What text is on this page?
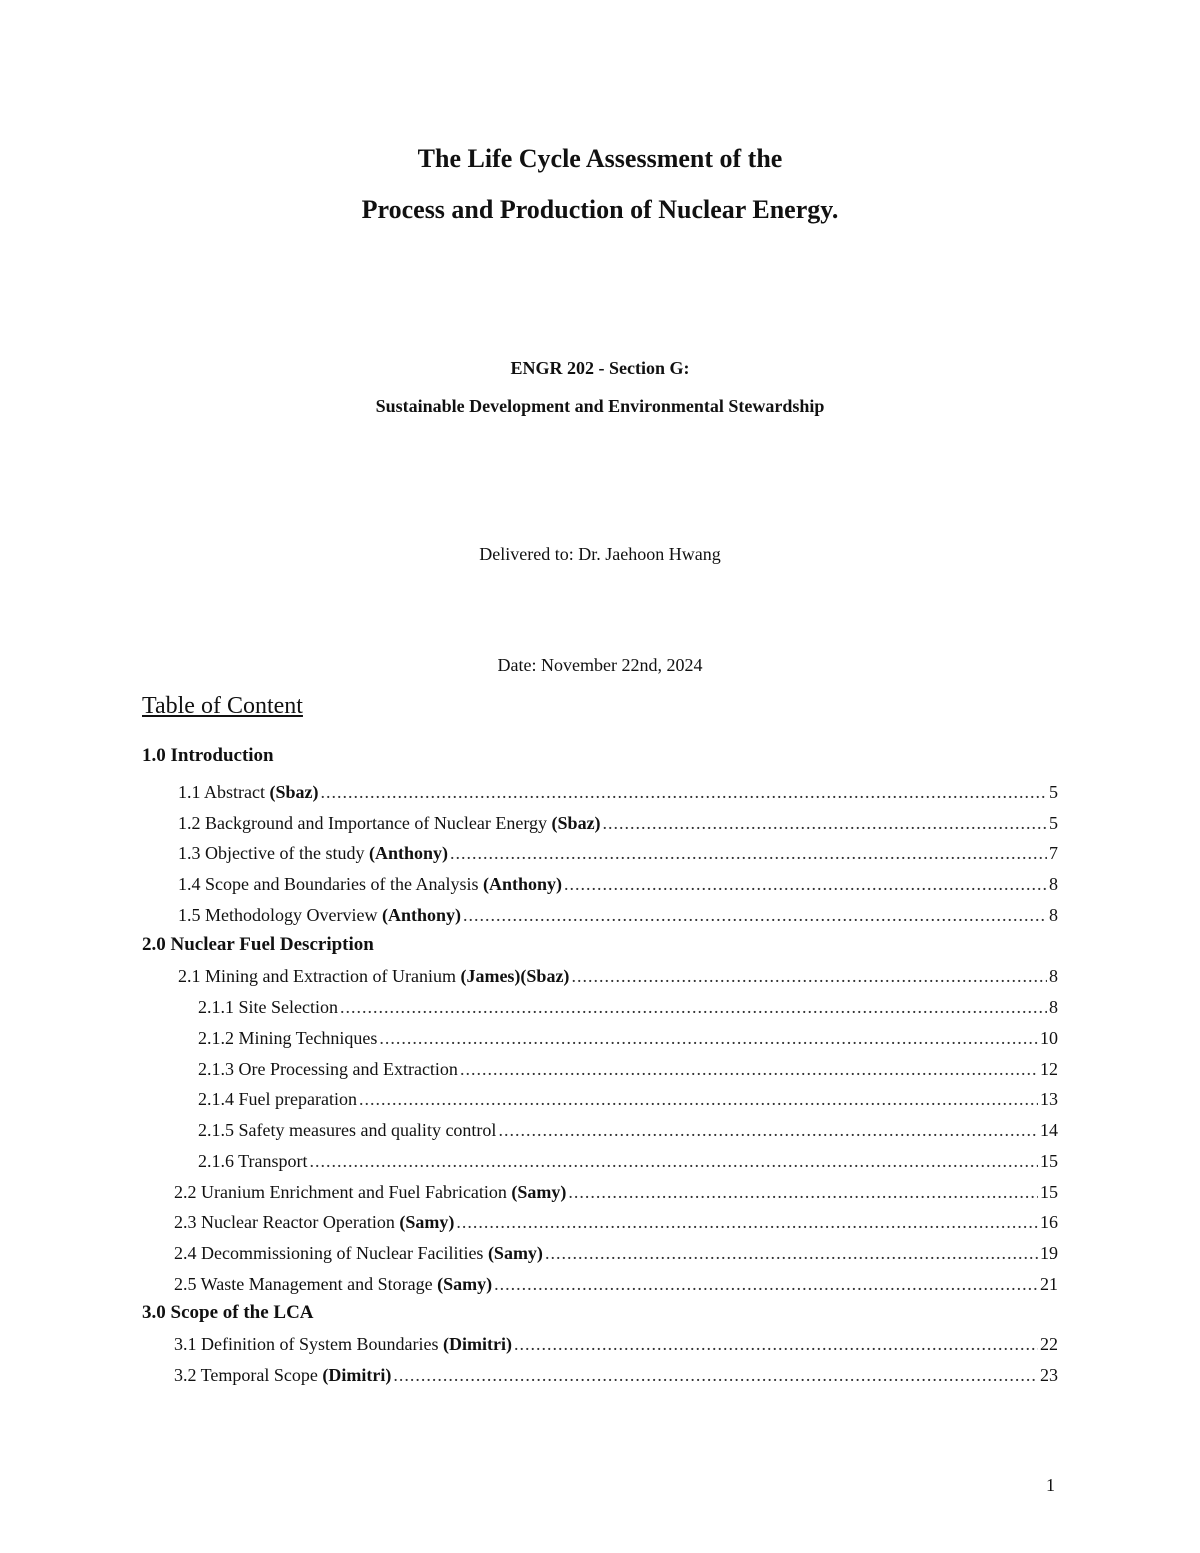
The Life Cycle Assessment of the
Process and Production of Nuclear Energy.
ENGR 202 - Section G:
Sustainable Development and Environmental Stewardship
Delivered to: Dr. Jaehoon Hwang
Date: November 22nd, 2024
Table of Content
1.0 Introduction
1.1 Abstract (Sbaz) .....	5
1.2 Background and Importance of Nuclear Energy (Sbaz) .....	5
1.3 Objective of the study (Anthony) .....	7
1.4 Scope and Boundaries of the Analysis (Anthony) .....	8
1.5 Methodology Overview (Anthony) .....	8
2.0 Nuclear Fuel Description
2.1 Mining and Extraction of Uranium (James)(Sbaz) .....	8
2.1.1 Site Selection .....	8
2.1.2 Mining Techniques .....	10
2.1.3 Ore Processing and Extraction .....	12
2.1.4 Fuel preparation .....	13
2.1.5 Safety measures and quality control .....	14
2.1.6 Transport .....	15
2.2 Uranium Enrichment and Fuel Fabrication (Samy) .....	15
2.3 Nuclear Reactor Operation (Samy) .....	16
2.4 Decommissioning of Nuclear Facilities (Samy) .....	19
2.5 Waste Management and Storage (Samy) .....	21
3.0 Scope of the LCA
3.1 Definition of System Boundaries (Dimitri) .....	22
3.2 Temporal Scope (Dimitri) .....	23
1
